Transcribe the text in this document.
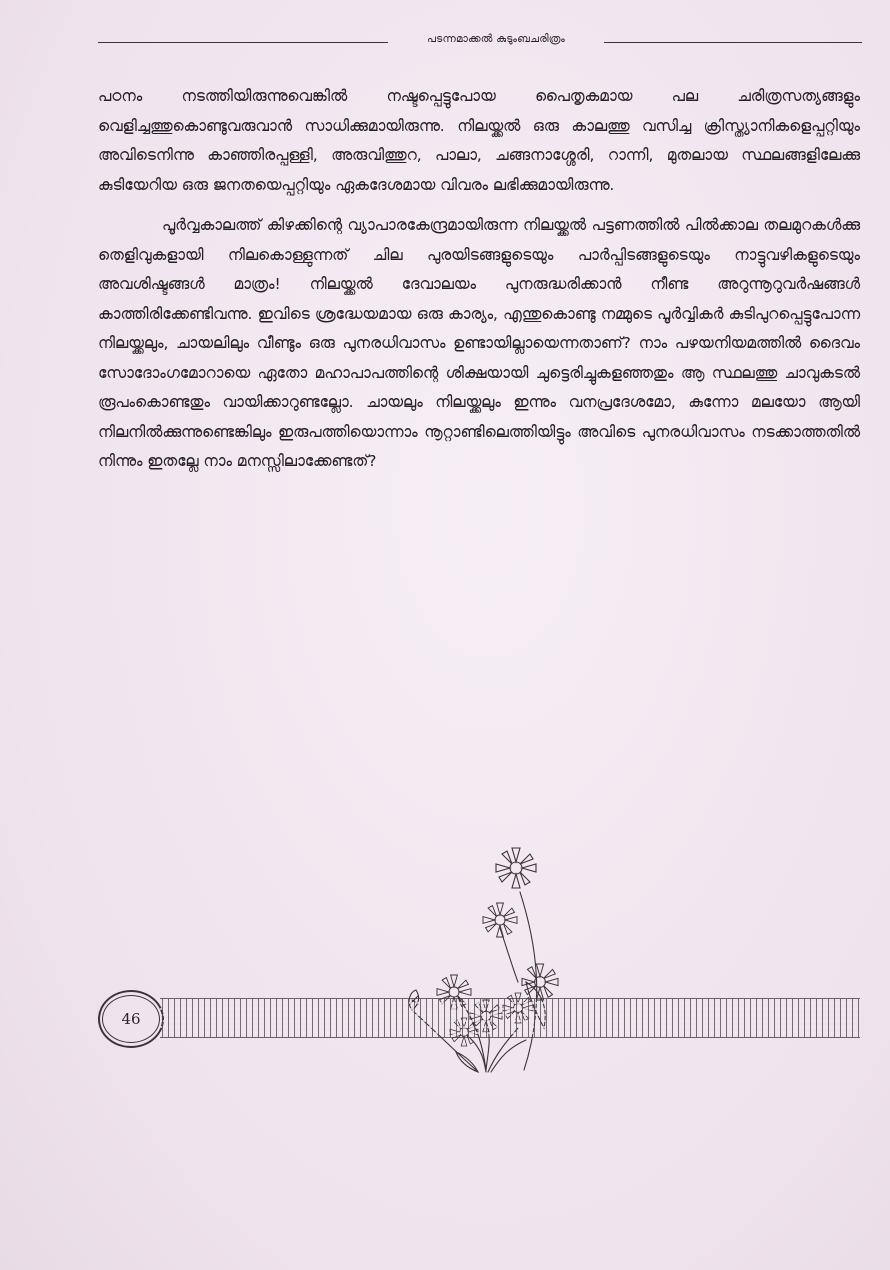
പടന്നമാക്കൽ കുടുംബചരിത്രം

പഠനം നടത്തിയിരുന്നുവെങ്കിൽ നഷ്ടപ്പെട്ടുപോയ പൈതൃകമായ പല ചരിത്രസത്യങ്ങളും വെളിച്ചത്തുകൊണ്ടുവരുവാൻ സാധിക്കുമായിരുന്നു. നിലയ്ക്കൽ ഒരു കാലത്തു വസിച്ച ക്രിസ്ത്യാനികളെപ്പറ്റിയും അവിടെനിന്നു കാഞ്ഞിരപ്പള്ളി, അരുവിത്തുറ, പാലാ, ചങ്ങനാശ്ശേരി, റാന്നി, മുതലായ സ്ഥലങ്ങളിലേക്കു കുടിയേറിയ ഒരു ജനതയെപ്പറ്റിയും ഏകദേശമായ വിവരം ലഭിക്കുമായിരുന്നു.

പൂർവ്വകാലത്ത് കിഴക്കിന്റെ വ്യാപാരകേന്ദ്രമായിരുന്ന നിലയ്ക്കൽ പട്ടണത്തിൽ പിൽക്കാല തലമുറകൾക്കു തെളിവുകളായി നിലകൊള്ളുന്നത് ചില പുരയിടങ്ങളുടെയും പാർപ്പിടങ്ങളുടെയും നാട്ടുവഴികളുടെയും അവശിഷ്ടങ്ങൾ മാത്രം! നിലയ്ക്കൽ ദേവാലയം പുനരുദ്ധരിക്കാൻ നീണ്ട അറുന്നൂറുവർഷങ്ങൾ കാത്തിരിക്കേണ്ടിവന്നു. ഇവിടെ ശ്രദ്ധേയമായ ഒരു കാര്യം, എന്തുകൊണ്ടു നമ്മുടെ പൂർവ്വികർ കുടിപുറപ്പെട്ടുപോന്ന നിലയ്ക്കലും, ചായലിലും വീണ്ടും ഒരു പുനരധിവാസം ഉണ്ടായില്ലായെന്നതാണ്? നാം പഴയനിയമത്തിൽ ദൈവം സോദോംഗമോറായെ ഏതോ മഹാപാപത്തിന്റെ ശിക്ഷയായി ചുട്ടെരിച്ചുകളഞ്ഞതും ആ സ്ഥലത്തു ചാവുകടൽ രൂപംകൊണ്ടതും വായിക്കാറുണ്ടല്ലോ. ചായലും നിലയ്ക്കലും ഇന്നും വനപ്രദേശമോ, കുന്നോ മലയോ ആയി നിലനിൽക്കുന്നുണ്ടെങ്കിലും ഇരുപത്തിയൊന്നാം നൂറ്റാണ്ടിലെത്തിയിട്ടും അവിടെ പുനരധിവാസം നടക്കാത്തതിൽ നിന്നും ഇതല്ലേ നാം മനസ്സിലാക്കേണ്ടത്?

46
